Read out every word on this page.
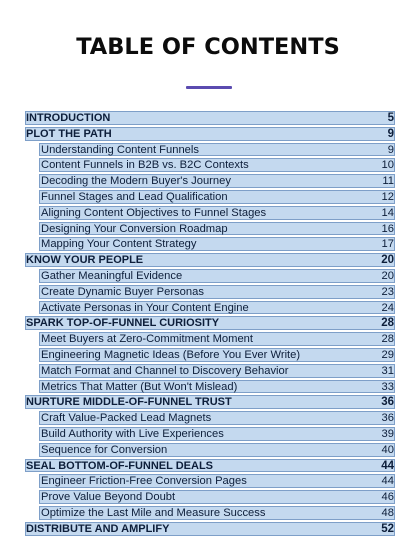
TABLE OF CONTENTS
INTRODUCTION	5
PLOT THE PATH	9
Understanding Content Funnels	9
Content Funnels in B2B vs. B2C Contexts	10
Decoding the Modern Buyer's Journey	11
Funnel Stages and Lead Qualification	12
Aligning Content Objectives to Funnel Stages	14
Designing Your Conversion Roadmap	16
Mapping Your Content Strategy	17
KNOW YOUR PEOPLE	20
Gather Meaningful Evidence	20
Create Dynamic Buyer Personas	23
Activate Personas in Your Content Engine	24
SPARK TOP-OF-FUNNEL CURIOSITY	28
Meet Buyers at Zero-Commitment Moment	28
Engineering Magnetic Ideas (Before You Ever Write)	29
Match Format and Channel to Discovery Behavior	31
Metrics That Matter (But Won't Mislead)	33
NURTURE MIDDLE-OF-FUNNEL TRUST	36
Craft Value-Packed Lead Magnets	36
Build Authority with Live Experiences	39
Sequence for Conversion	40
SEAL BOTTOM-OF-FUNNEL DEALS	44
Engineer Friction-Free Conversion Pages	44
Prove Value Beyond Doubt	46
Optimize the Last Mile and Measure Success	48
DISTRIBUTE AND AMPLIFY	52
